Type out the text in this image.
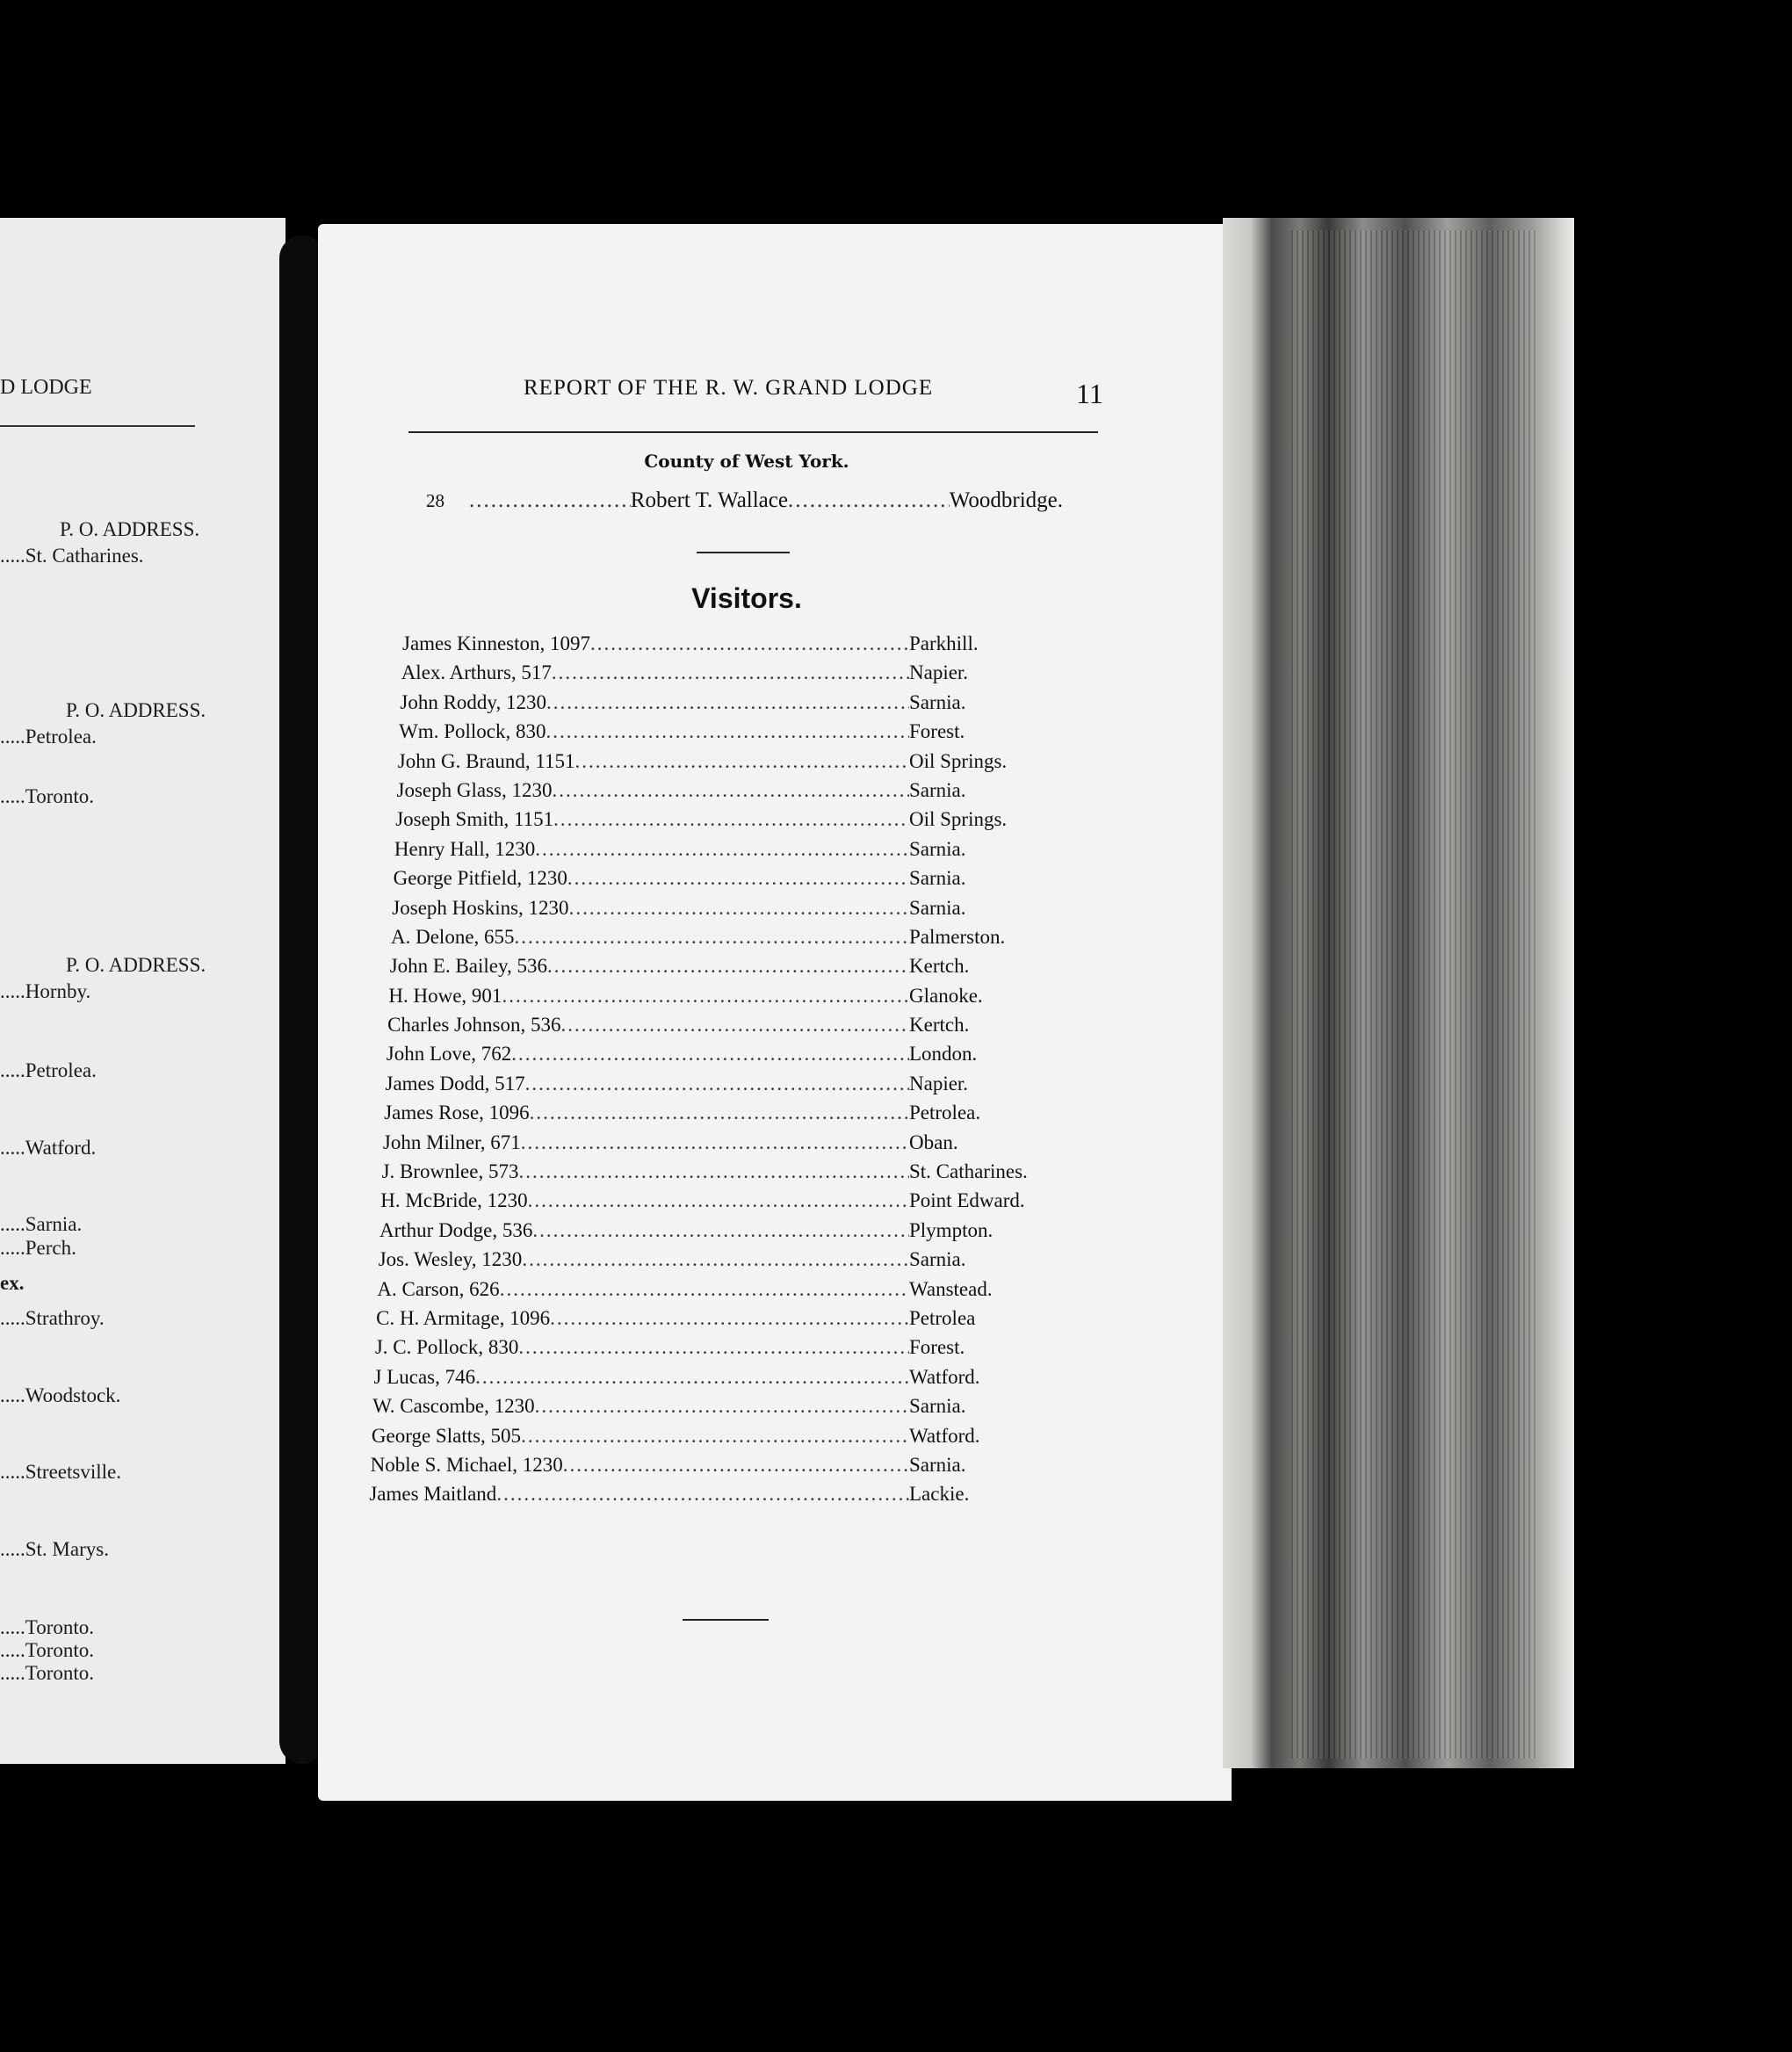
D LODGE
P. O. ADDRESS.
.....St. Catharines.
P. O. ADDRESS.
.....Petrolea.
.....Toronto.
P. O. ADDRESS.
.....Hornby.
.....Petrolea.
.....Watford.
.....Sarnia.
.....Perch.
ex.
.....Strathroy.
.....Woodstock.
.....Streetsville.
.....St. Marys.
.....Toronto.
.....Toronto.
.....Toronto.
REPORT OF THE R. W. GRAND LODGE	11
County of West York.
28 .....	Robert T. Wallace .....	Woodbridge.
Visitors.
James Kinneston, 1097 .....	Parkhill.
Alex. Arthurs, 517 .....	Napier.
John Roddy, 1230 .....	Sarnia.
Wm. Pollock, 830 .....	Forest.
John G. Braund, 1151 .....	Oil Springs.
Joseph Glass, 1230 .....	Sarnia.
Joseph Smith, 1151 .....	Oil Springs.
Henry Hall, 1230 .....	Sarnia.
George Pitfield, 1230 .....	Sarnia.
Joseph Hoskins, 1230 .....	Sarnia.
A. Delone, 655 .....	Palmerston.
John E. Bailey, 536 .....	Kertch.
H. Howe, 901 .....	Glanoke.
Charles Johnson, 536 .....	Kertch.
John Love, 762 .....	London.
James Dodd, 517 .....	Napier.
James Rose, 1096 .....	Petrolea.
John Milner, 671 .....	Oban.
J. Brownlee, 573 .....	St. Catharines.
H. McBride, 1230 .....	Point Edward.
Arthur Dodge, 536 .....	Plympton.
Jos. Wesley, 1230 .....	Sarnia.
A. Carson, 626 .....	Wanstead.
C. H. Armitage, 1096 .....	Petrolea
J. C. Pollock, 830 .....	Forest.
J Lucas, 746 .....	Watford.
W. Cascombe, 1230 .....	Sarnia.
George Slatts, 505 .....	Watford.
Noble S. Michael, 1230 .....	Sarnia.
James Maitland .....	Lackie.
